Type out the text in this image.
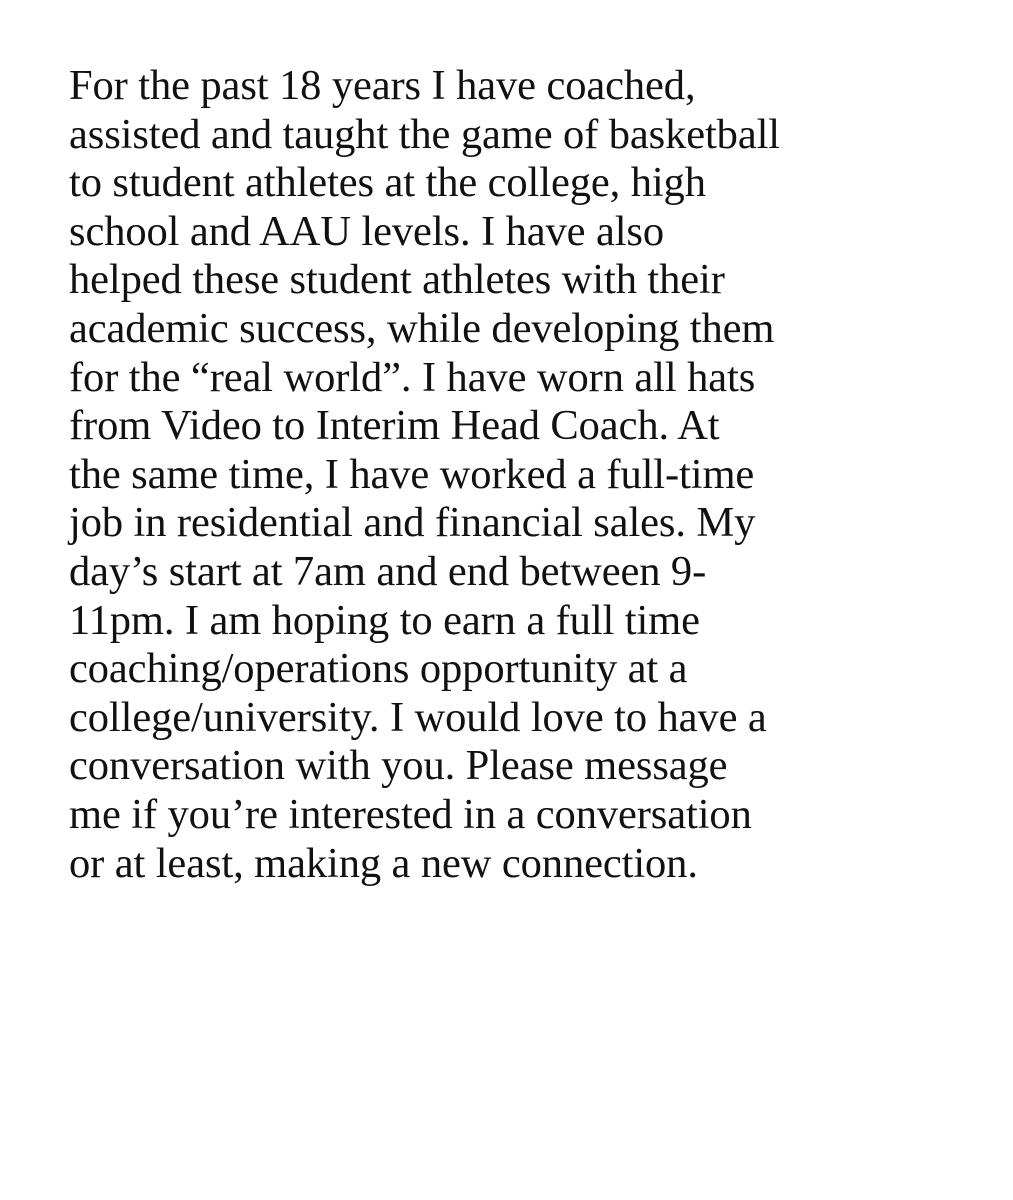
For the past 18 years I have coached,
assisted and taught the game of basketball
to student athletes at the college, high
school and AAU levels. I have also
helped these student athletes with their
academic success, while developing them
for the “real world”. I have worn all hats
from Video to Interim Head Coach. At
the same time, I have worked a full-time
job in residential and financial sales. My
day’s start at 7am and end between 9-
11pm. I am hoping to earn a full time
coaching/operations opportunity at a
college/university. I would love to have a
conversation with you. Please message
me if you’re interested in a conversation
or at least, making a new connection.
